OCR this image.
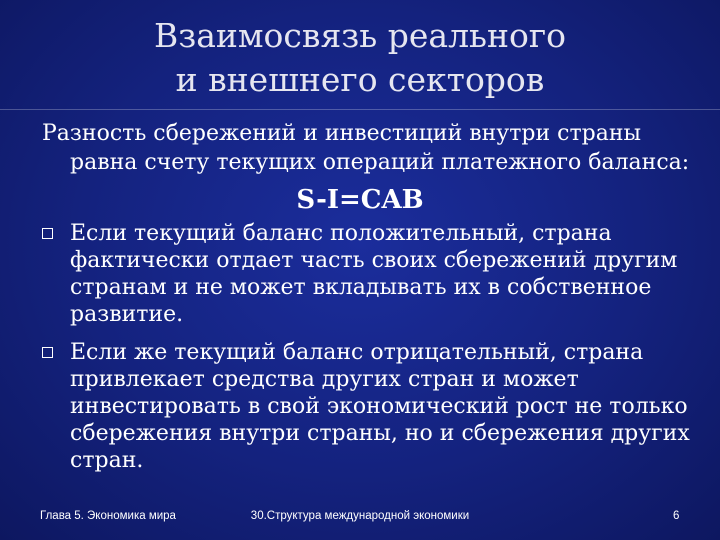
Взаимосвязь реального
и внешнего секторов
Разность сбережений и инвестиций внутри страны
равна счету текущих операций платежного баланса:
S-I=CAB
Если текущий баланс положительный, страна фактически отдает часть своих сбережений другим странам и не может вкладывать их в собственное развитие.
Если же текущий баланс отрицательный, страна привлекает средства других стран и может инвестировать в свой экономический рост не только сбережения внутри страны, но и сбережения других стран.
Глава 5. Экономика мира	30.Структура международной экономики	6
